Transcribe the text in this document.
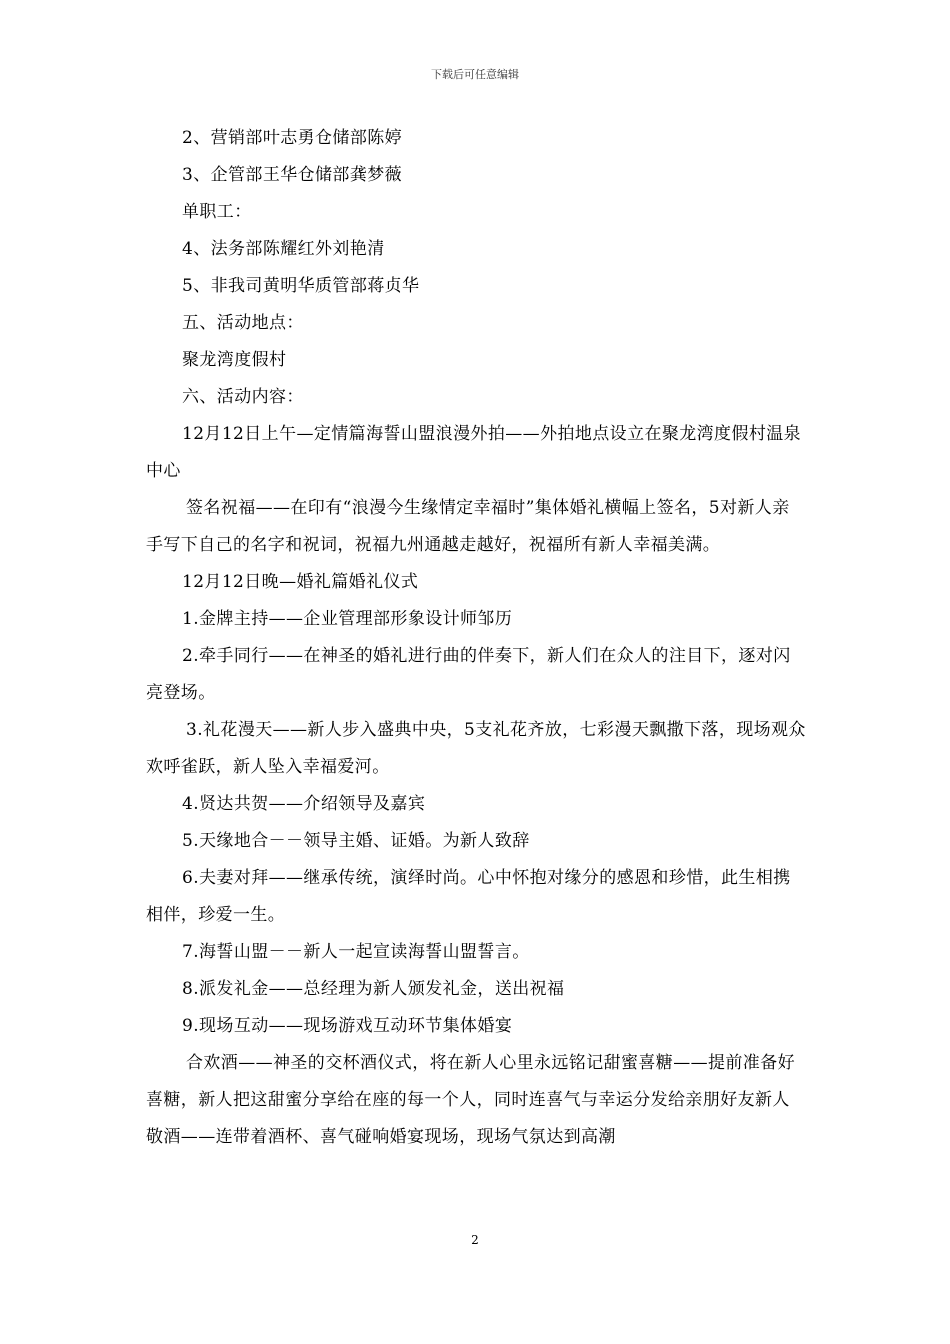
下载后可任意编辑

2、营销部叶志勇仓储部陈婷

3、企管部王华仓储部龚梦薇

单职工：

4、法务部陈耀红外刘艳清

5、非我司黄明华质管部蒋贞华

五、活动地点：

聚龙湾度假村

六、活动内容：

12月12日上午—定情篇海誓山盟浪漫外拍——外拍地点设立在聚龙湾度假村温泉中心

签名祝福——在印有“浪漫今生缘情定幸福时”集体婚礼横幅上签名，5对新人亲手写下自己的名字和祝词，祝福九州通越走越好，祝福所有新人幸福美满。

12月12日晚—婚礼篇婚礼仪式

1.金牌主持——企业管理部形象设计师邹历

2.牵手同行——在神圣的婚礼进行曲的伴奏下，新人们在众人的注目下，逐对闪亮登场。

3.礼花漫天——新人步入盛典中央，5支礼花齐放，七彩漫天飘撒下落，现场观众欢呼雀跃，新人坠入幸福爱河。

4.贤达共贺——介绍领导及嘉宾

5.天缘地合－－领导主婚、证婚。为新人致辞

6.夫妻对拜——继承传统，演绎时尚。心中怀抱对缘分的感恩和珍惜，此生相携相伴，珍爱一生。

7.海誓山盟－－新人一起宣读海誓山盟誓言。

8.派发礼金——总经理为新人颁发礼金，送出祝福

9.现场互动——现场游戏互动环节集体婚宴

合欢酒——神圣的交杯酒仪式，将在新人心里永远铭记甜蜜喜糖——提前准备好喜糖，新人把这甜蜜分享给在座的每一个人，同时连喜气与幸运分发给亲朋好友新人敬酒——连带着酒杯、喜气碰响婚宴现场，现场气氛达到高潮

2
